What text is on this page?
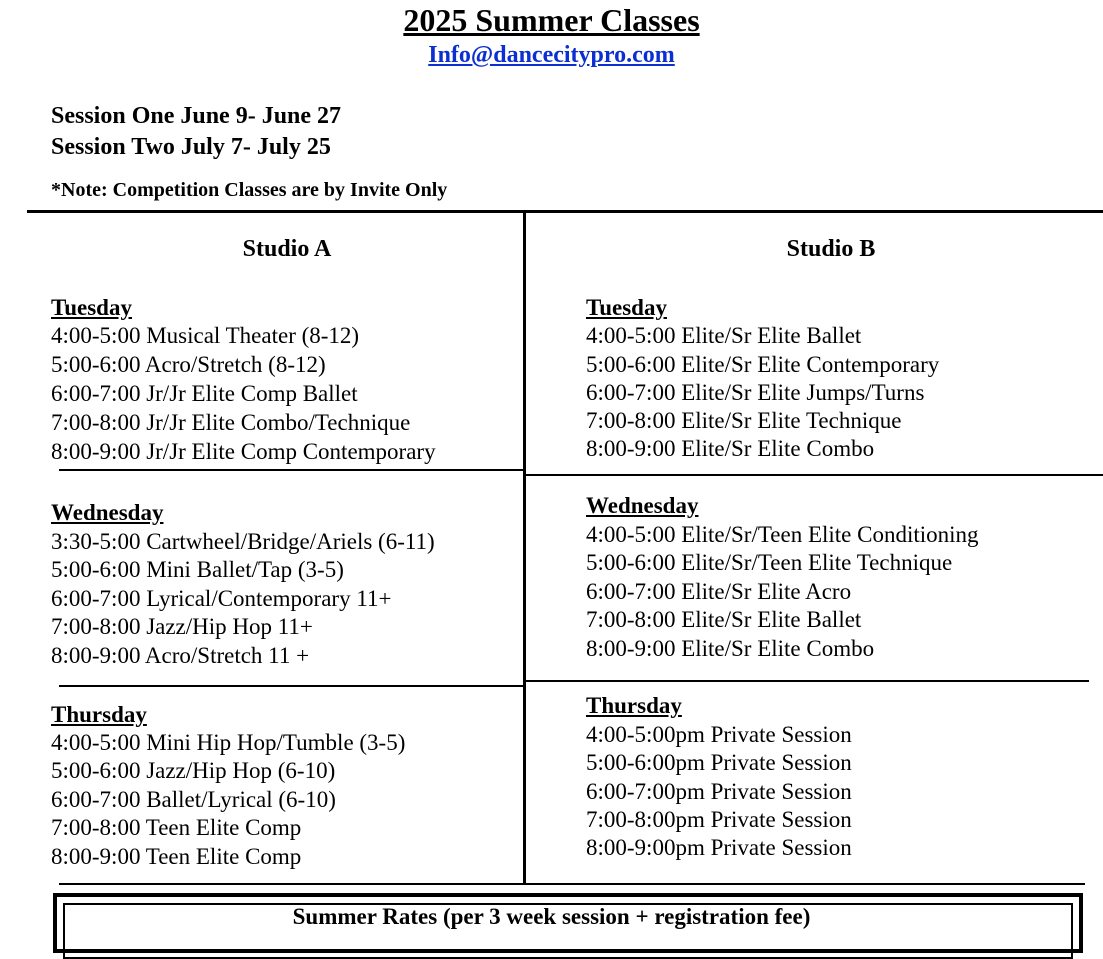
2025 Summer Classes
Info@dancecitypro.com
Session One June 9- June 27
Session Two July 7- July 25
*Note: Competition Classes are by Invite Only
Studio A	Studio B
Tuesday
4:00-5:00 Musical Theater (8-12)
5:00-6:00 Acro/Stretch (8-12)
6:00-7:00 Jr/Jr Elite Comp Ballet
7:00-8:00 Jr/Jr Elite Combo/Technique
8:00-9:00 Jr/Jr Elite Comp Contemporary
Wednesday
3:30-5:00 Cartwheel/Bridge/Ariels (6-11)
5:00-6:00 Mini Ballet/Tap (3-5)
6:00-7:00 Lyrical/Contemporary 11+
7:00-8:00 Jazz/Hip Hop 11+
8:00-9:00 Acro/Stretch 11 +
Thursday
4:00-5:00 Mini Hip Hop/Tumble (3-5)
5:00-6:00 Jazz/Hip Hop (6-10)
6:00-7:00 Ballet/Lyrical (6-10)
7:00-8:00 Teen Elite Comp
8:00-9:00 Teen Elite Comp
Tuesday
4:00-5:00 Elite/Sr Elite Ballet
5:00-6:00 Elite/Sr Elite Contemporary
6:00-7:00 Elite/Sr Elite Jumps/Turns
7:00-8:00 Elite/Sr Elite Technique
8:00-9:00 Elite/Sr Elite Combo
Wednesday
4:00-5:00 Elite/Sr/Teen Elite Conditioning
5:00-6:00 Elite/Sr/Teen Elite Technique
6:00-7:00 Elite/Sr Elite Acro
7:00-8:00 Elite/Sr Elite Ballet
8:00-9:00 Elite/Sr Elite Combo
Thursday
4:00-5:00pm Private Session
5:00-6:00pm Private Session
6:00-7:00pm Private Session
7:00-8:00pm Private Session
8:00-9:00pm Private Session
Summer Rates (per 3 week session + registration fee)
